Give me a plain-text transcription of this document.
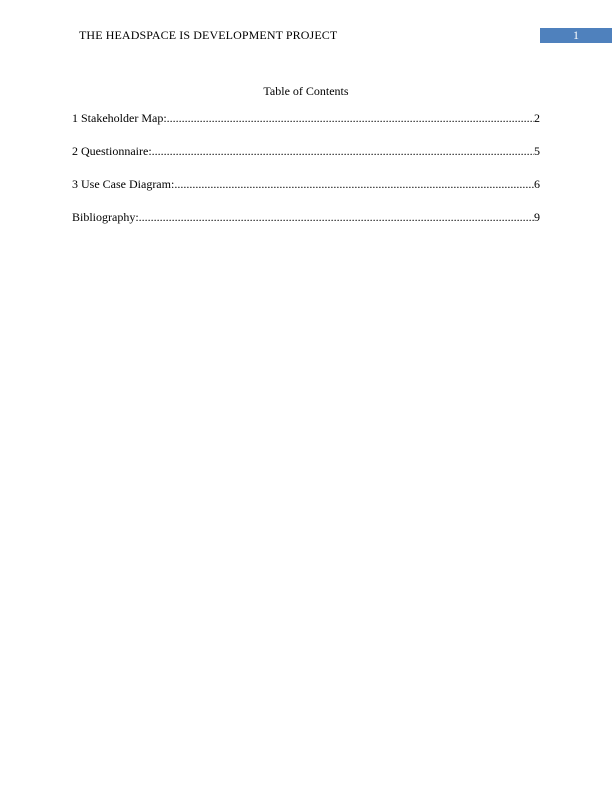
THE HEADSPACE IS DEVELOPMENT PROJECT	1
Table of Contents
1 Stakeholder Map: .....	2
2 Questionnaire: .....	5
3 Use Case Diagram: .....	6
Bibliography: .....	9
